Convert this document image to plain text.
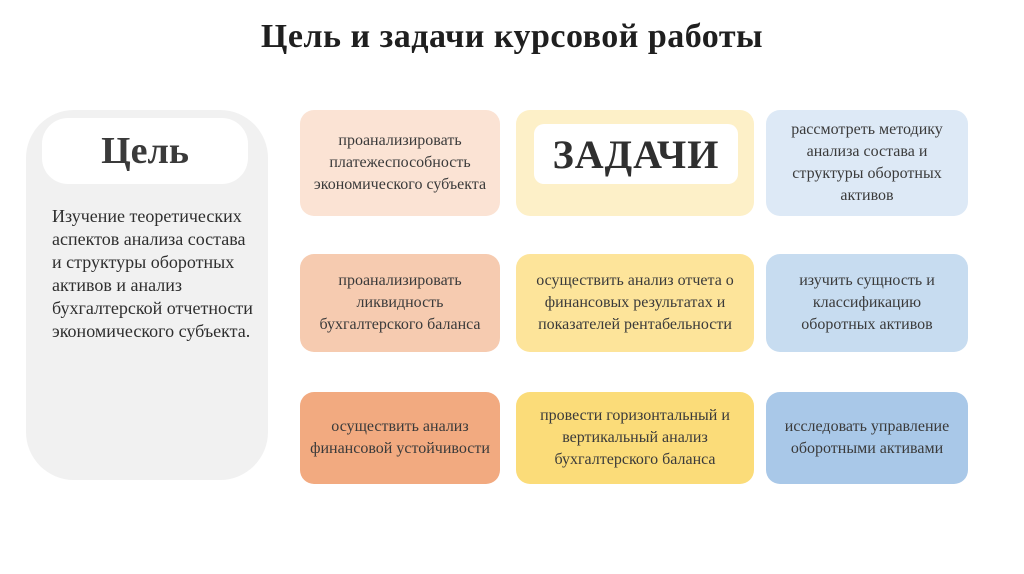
Цель и задачи курсовой работы
Цель
Изучение теоретических аспектов анализа состава и структуры оборотных активов и анализ бухгалтерской отчетности экономического субъекта.
проанализировать платежеспособность экономического субъекта
проанализировать ликвидность бухгалтерского баланса
осуществить анализ финансовой устойчивости
ЗАДАЧИ
осуществить анализ отчета о финансовых результатах и показателей рентабельности
провести горизонтальный и вертикальный анализ бухгалтерского баланса
рассмотреть методику анализа состава и структуры оборотных активов
изучить сущность и классификацию оборотных активов
исследовать управление оборотными активами
